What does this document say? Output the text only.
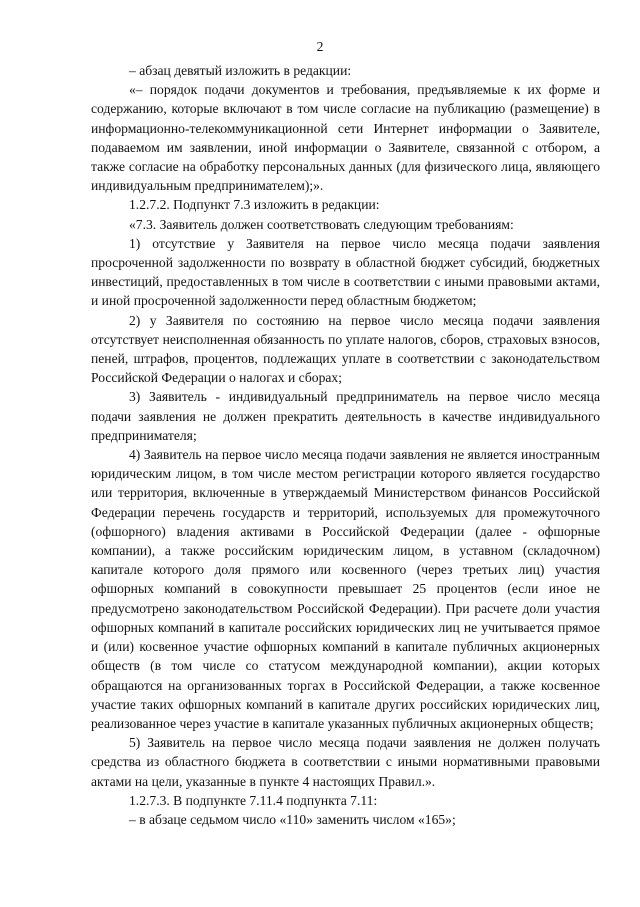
2

– абзац девятый изложить в редакции:

«– порядок подачи документов и требования, предъявляемые к их форме и содержанию, которые включают в том числе согласие на публикацию (размещение) в информационно-телекоммуникационной сети Интернет информации о Заявителе, подаваемом им заявлении, иной информации о Заявителе, связанной с отбором, а также согласие на обработку персональных данных (для физического лица, являющего индивидуальным предпринимателем);».

1.2.7.2. Подпункт 7.3 изложить в редакции:

«7.3. Заявитель должен соответствовать следующим требованиям:

1) отсутствие у Заявителя на первое число месяца подачи заявления просроченной задолженности по возврату в областной бюджет субсидий, бюджетных инвестиций, предоставленных в том числе в соответствии с иными правовыми актами, и иной просроченной задолженности перед областным бюджетом;

2) у Заявителя по состоянию на первое число месяца подачи заявления отсутствует неисполненная обязанность по уплате налогов, сборов, страховых взносов, пеней, штрафов, процентов, подлежащих уплате в соответствии с законодательством Российской Федерации о налогах и сборах;

3) Заявитель - индивидуальный предприниматель на первое число месяца подачи заявления не должен прекратить деятельность в качестве индивидуального предпринимателя;

4) Заявитель на первое число месяца подачи заявления не является иностранным юридическим лицом, в том числе местом регистрации которого является государство или территория, включенные в утверждаемый Министерством финансов Российской Федерации перечень государств и территорий, используемых для промежуточного (офшорного) владения активами в Российской Федерации (далее - офшорные компании), а также российским юридическим лицом, в уставном (складочном) капитале которого доля прямого или косвенного (через третьих лиц) участия офшорных компаний в совокупности превышает 25 процентов (если иное не предусмотрено законодательством Российской Федерации). При расчете доли участия офшорных компаний в капитале российских юридических лиц не учитывается прямое и (или) косвенное участие офшорных компаний в капитале публичных акционерных обществ (в том числе со статусом международной компании), акции которых обращаются на организованных торгах в Российской Федерации, а также косвенное участие таких офшорных компаний в капитале других российских юридических лиц, реализованное через участие в капитале указанных публичных акционерных обществ;

5) Заявитель на первое число месяца подачи заявления не должен получать средства из областного бюджета в соответствии с иными нормативными правовыми актами на цели, указанные в пункте 4 настоящих Правил.».

1.2.7.3. В подпункте 7.11.4 подпункта 7.11:

– в абзаце седьмом число «110» заменить числом «165»;
